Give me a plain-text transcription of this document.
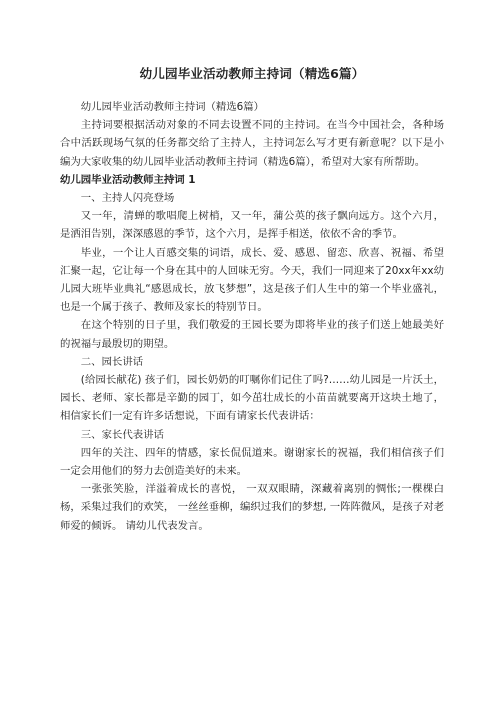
幼儿园毕业活动教师主持词（精选6篇）

幼儿园毕业活动教师主持词（精选6篇）

主持词要根据活动对象的不同去设置不同的主持词。在当今中国社会，各种场合中活跃现场气氛的任务都交给了主持人，主持词怎么写才更有新意呢？以下是小编为大家收集的幼儿园毕业活动教师主持词（精选6篇），希望对大家有所帮助。

幼儿园毕业活动教师主持词 1

一、主持人闪亮登场

又一年，清蝉的歌唱爬上树梢，又一年，蒲公英的孩子飘向远方。这个六月，是洒泪告别，深深感恩的季节，这个六月，是挥手相送，依依不舍的季节。

毕业，一个让人百感交集的词语，成长、爱、感恩、留恋、欣喜、祝福、希望汇聚一起，它让每一个身在其中的人回味无穷。今天，我们一同迎来了20xx年xx幼儿园大班毕业典礼“感恩成长，放飞梦想”，这是孩子们人生中的第一个毕业盛礼，也是一个属于孩子、教师及家长的特别节日。

在这个特别的日子里，我们敬爱的王园长要为即将毕业的孩子们送上她最美好的祝福与最殷切的期望。

二、园长讲话

(给园长献花) 孩子们，园长奶奶的叮嘱你们记住了吗?……幼儿园是一片沃土，园长、老师、家长都是辛勤的园丁，如今茁壮成长的小苗苗就要离开这块土地了，相信家长们一定有许多话想说，下面有请家长代表讲话：

三、家长代表讲话

四年的关注、四年的情感，家长侃侃道来。谢谢家长的祝福，我们相信孩子们一定会用他们的努力去创造美好的未来。

一张张笑脸，洋溢着成长的喜悦， 一双双眼睛，深藏着离别的惆怅;一棵棵白杨，采集过我们的欢笑， 一丝丝垂柳，编织过我们的梦想, 一阵阵微风，是孩子对老师爱的倾诉。 请幼儿代表发言。
